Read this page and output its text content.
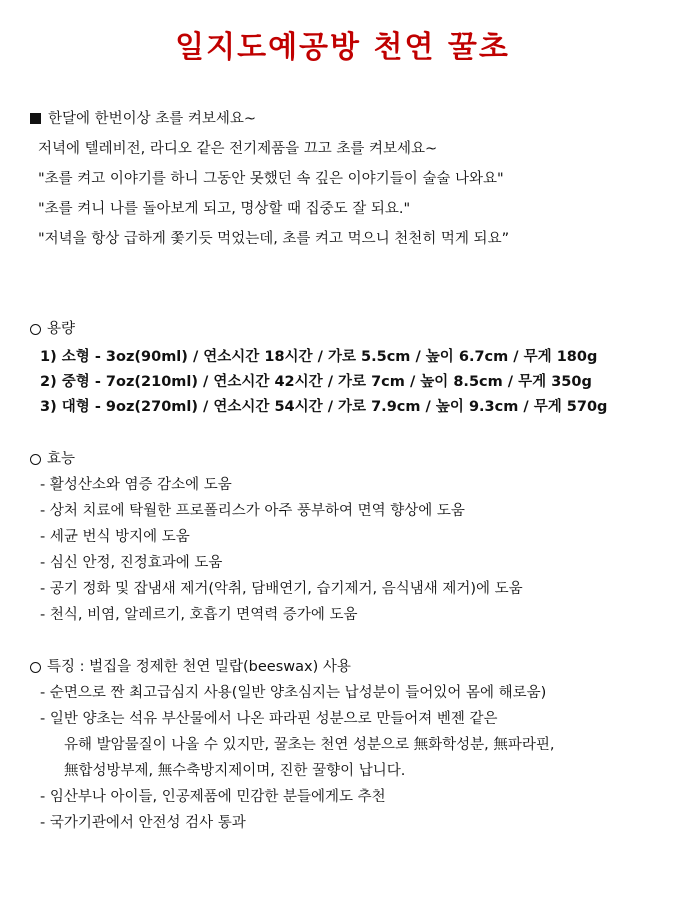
일지도예공방 천연 꿀초
한달에 한번이상 초를 켜보세요~
저녁에 텔레비전, 라디오 같은 전기제품을 끄고 초를 켜보세요~
"초를 켜고 이야기를 하니 그동안 못했던 속 깊은 이야기들이 술술 나와요"
"초를 켜니 나를 돌아보게 되고, 명상할 때 집중도 잘 되요."
"저녁을 항상 급하게 쫓기듯 먹었는데, 초를 켜고 먹으니 천천히 먹게 되요”
용량
1) 소형 - 3oz(90ml) / 연소시간 18시간 / 가로 5.5cm / 높이 6.7cm / 무게 180g
2) 중형 - 7oz(210ml) / 연소시간 42시간 / 가로 7cm / 높이 8.5cm / 무게 350g
3) 대형 - 9oz(270ml) / 연소시간 54시간 / 가로 7.9cm / 높이 9.3cm / 무게 570g
효능
- 활성산소와 염증 감소에 도움
- 상처 치료에 탁월한 프로폴리스가 아주 풍부하여 면역 향상에 도움
- 세균 번식 방지에 도움
- 심신 안정, 진정효과에 도움
- 공기 정화 및 잡냄새 제거(악취, 담배연기, 습기제거, 음식냄새 제거)에 도움
- 천식, 비염, 알레르기, 호흡기 면역력 증가에 도움
특징 : 벌집을 정제한 천연 밀랍(beeswax) 사용
- 순면으로 짠 최고급심지 사용(일반 양초심지는 납성분이 들어있어 몸에 해로움)
- 일반 양초는 석유 부산물에서 나온 파라핀 성분으로 만들어져 벤젠 같은
유해 발암물질이 나올 수 있지만, 꿀초는 천연 성분으로 無화학성분, 無파라핀,
無합성방부제, 無수축방지제이며, 진한 꿀향이 납니다.
- 임산부나 아이들, 인공제품에 민감한 분들에게도 추천
- 국가기관에서 안전성 검사 통과
